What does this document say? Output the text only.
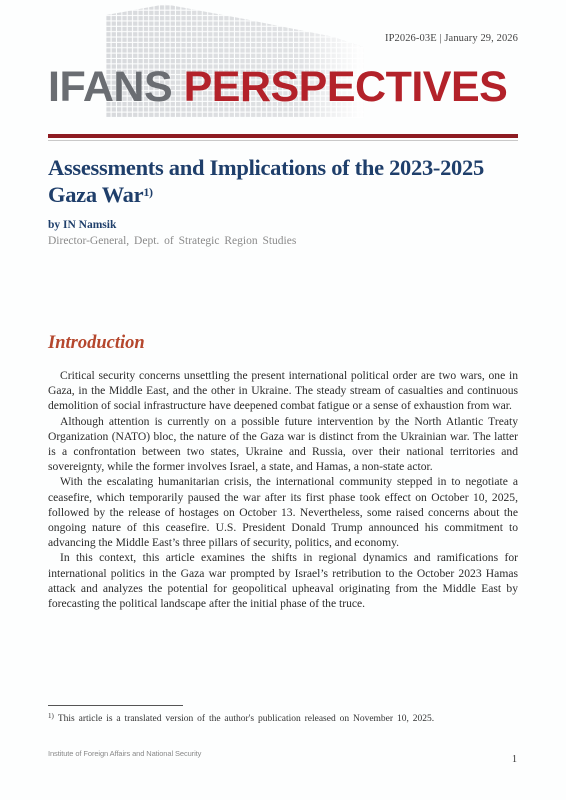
IP2026-03E | January 29, 2026
IFANS PERSPECTIVES
Assessments and Implications of the 2023-2025 Gaza War$^{1)}$
by IN Namsik
Director-General, Dept. of Strategic Region Studies
Introduction

Critical security concerns unsettling the present international political order are two wars, one in Gaza, in the Middle East, and the other in Ukraine. The steady stream of casualties and continuous demolition of social infrastructure have deepened combat fatigue or a sense of exhaustion from war.

Although attention is currently on a possible future intervention by the North Atlantic Treaty Organization (NATO) bloc, the nature of the Gaza war is distinct from the Ukrainian war. The latter is a confrontation between two states, Ukraine and Russia, over their national territories and sovereignty, while the former involves Israel, a state, and Hamas, a non-state actor.

With the escalating humanitarian crisis, the international community stepped in to negotiate a ceasefire, which temporarily paused the war after its first phase took effect on October 10, 2025, followed by the release of hostages on October 13. Nevertheless, some raised concerns about the ongoing nature of this ceasefire. U.S. President Donald Trump announced his commitment to advancing the Middle East’s three pillars of security, politics, and economy.

In this context, this article examines the shifts in regional dynamics and ramifications for international politics in the Gaza war prompted by Israel’s retribution to the October 2023 Hamas attack and analyzes the potential for geopolitical upheaval originating from the Middle East by forecasting the political landscape after the initial phase of the truce.

$^{1)}$ This article is a translated version of the author's publication released on November 10, 2025.
Institute of Foreign Affairs and National Security
1
